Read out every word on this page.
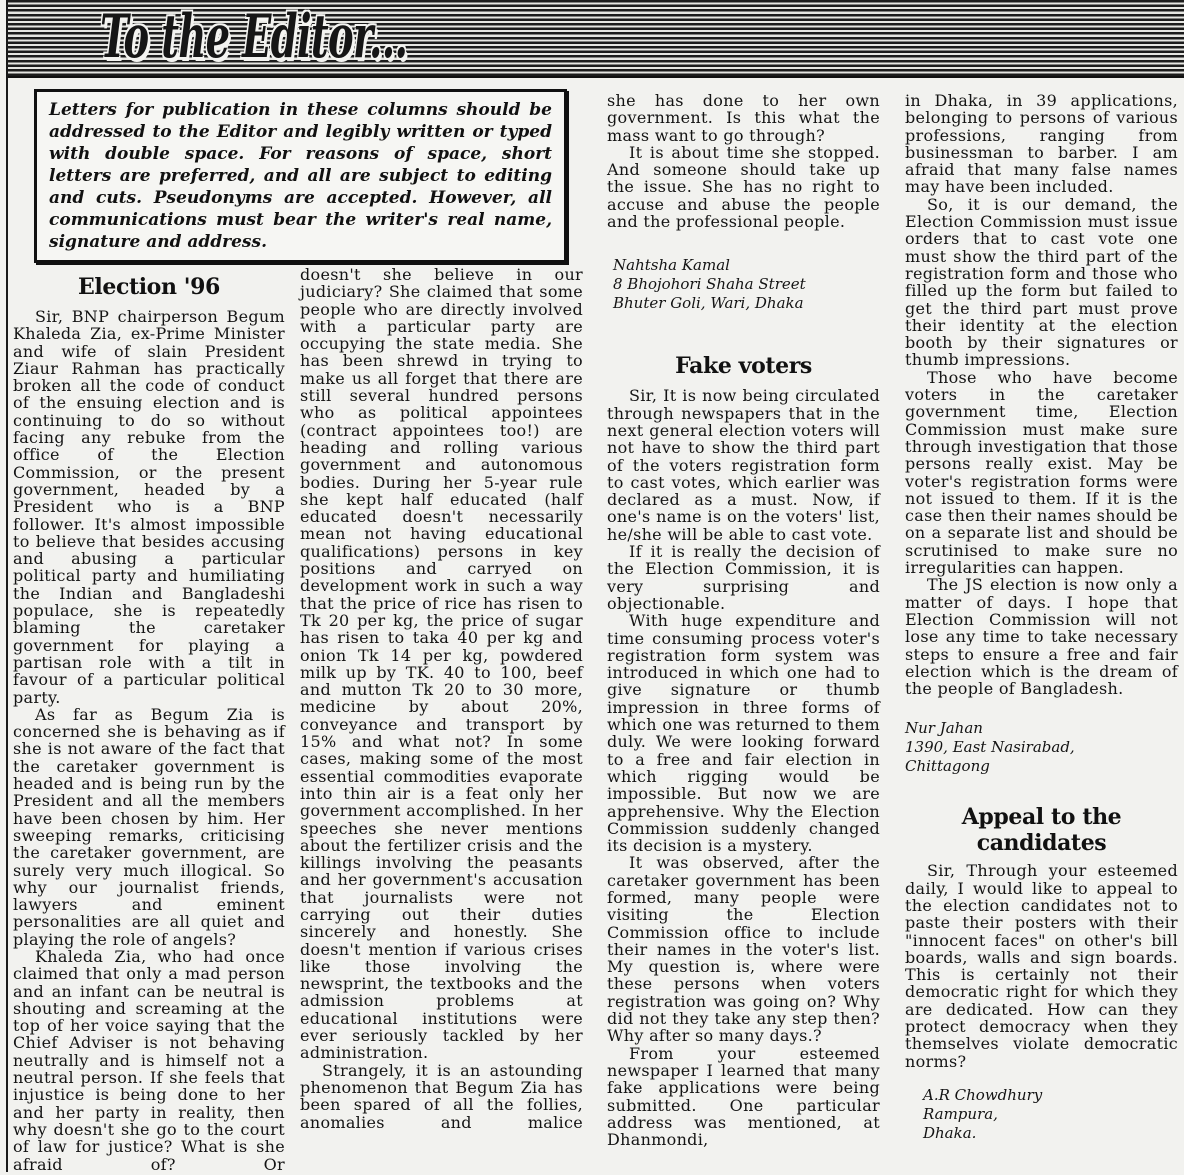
To the Editor...
Letters for publication in these columns should be addressed to the Editor and legibly written or typed with double space. For reasons of space, short letters are preferred, and all are subject to editing and cuts. Pseudonyms are accepted. However, all communications must bear the writer's real name, signature and address.
Election '96

Sir, BNP chairperson Begum Khaleda Zia, ex-Prime Minister and wife of slain President Ziaur Rahman has practically broken all the code of conduct of the ensuing election and is continuing to do so without facing any rebuke from the office of the Election Commission, or the present government, headed by a President who is a BNP follower. It's almost impossible to believe that besides accusing and abusing a particular political party and humiliating the Indian and Bangladeshi populace, she is repeatedly blaming the caretaker government for playing a partisan role with a tilt in favour of a particular political party.

As far as Begum Zia is concerned she is behaving as if she is not aware of the fact that the caretaker government is headed and is being run by the President and all the members have been chosen by him. Her sweeping remarks, criticising the caretaker government, are surely very much illogical. So why our journalist friends, lawyers and eminent personalities are all quiet and playing the role of angels?

Khaleda Zia, who had once claimed that only a mad person and an infant can be neutral is shouting and screaming at the top of her voice saying that the Chief Adviser is not behaving neutrally and is himself not a neutral person. If she feels that injustice is being done to her and her party in reality, then why doesn't she go to the court of law for justice? What is she afraid of? Or

doesn't she believe in our judiciary? She claimed that some people who are directly involved with a particular party are occupying the state media. She has been shrewd in trying to make us all forget that there are still several hundred persons who as political appointees (contract appointees too!) are heading and rolling various government and autonomous bodies. During her 5-year rule she kept half educated (half educated doesn't necessarily mean not having educational qualifications) persons in key positions and carryed on development work in such a way that the price of rice has risen to Tk 20 per kg, the price of sugar has risen to taka 40 per kg and onion Tk 14 per kg, powdered milk up by TK. 40 to 100, beef and mutton Tk 20 to 30 more, medicine by about 20%, conveyance and transport by 15% and what not? In some cases, making some of the most essential commodities evaporate into thin air is a feat only her government accomplished. In her speeches she never mentions about the fertilizer crisis and the killings involving the peasants and her government's accusation that journalists were not carrying out their duties sincerely and honestly. She doesn't mention if various crises like those involving the newsprint, the textbooks and the admission problems at educational institutions were ever seriously tackled by her administration.

Strangely, it is an astounding phenomenon that Begum Zia has been spared of all the follies, anomalies and malice

she has done to her own government. Is this what the mass want to go through?

It is about time she stopped. And someone should take up the issue. She has no right to accuse and abuse the people and the professional people.

Nahtsha Kamal
8 Bhojohori Shaha Street
Bhuter Goli, Wari, Dhaka
Fake voters

Sir, It is now being circulated through newspapers that in the next general election voters will not have to show the third part of the voters registration form to cast votes, which earlier was declared as a must. Now, if one's name is on the voters' list, he/she will be able to cast vote.

If it is really the decision of the Election Commission, it is very surprising and objectionable.

With huge expenditure and time consuming process voter's registration form system was introduced in which one had to give signature or thumb impression in three forms of which one was returned to them duly. We were looking forward to a free and fair election in which rigging would be impossible. But now we are apprehensive. Why the Election Commission suddenly changed its decision is a mystery.

It was observed, after the caretaker government has been formed, many people were visiting the Election Commission office to include their names in the voter's list. My question is, where were these persons when voters registration was going on? Why did not they take any step then? Why after so many days.?

From your esteemed newspaper I learned that many fake applications were being submitted. One particular address was mentioned, at Dhanmondi,

in Dhaka, in 39 applications, belonging to persons of various professions, ranging from businessman to barber. I am afraid that many false names may have been included.

So, it is our demand, the Election Commission must issue orders that to cast vote one must show the third part of the registration form and those who filled up the form but failed to get the third part must prove their identity at the election booth by their signatures or thumb impressions.

Those who have become voters in the caretaker government time, Election Commission must make sure through investigation that those persons really exist. May be voter's registration forms were not issued to them. If it is the case then their names should be on a separate list and should be scrutinised to make sure no irregularities can happen.

The JS election is now only a matter of days. I hope that Election Commission will not lose any time to take necessary steps to ensure a free and fair election which is the dream of the people of Bangladesh.

Nur Jahan
1390, East Nasirabad,
Chittagong
Appeal to the candidates

Sir, Through your esteemed daily, I would like to appeal to the election candidates not to paste their posters with their "innocent faces" on other's bill boards, walls and sign boards. This is certainly not their democratic right for which they are dedicated. How can they protect democracy when they themselves violate democratic norms?

A.R Chowdhury
Rampura,
Dhaka.
